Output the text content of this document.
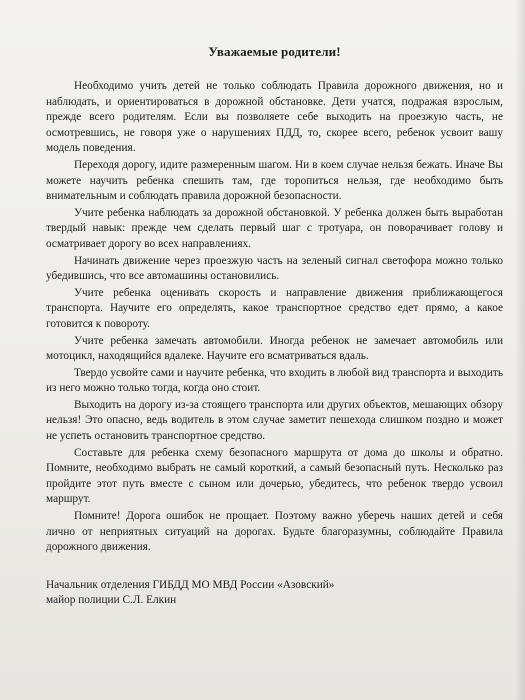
Уважаемые родители!

Необходимо учить детей не только соблюдать Правила дорожного движения, но и наблюдать, и ориентироваться в дорожной обстановке. Дети учатся, подражая взрослым, прежде всего родителям. Если вы позволяете себе выходить на проезжую часть, не осмотревшись, не говоря уже о нарушениях ПДД, то, скорее всего, ребенок усвоит вашу модель поведения.

Переходя дорогу, идите размеренным шагом. Ни в коем случае нельзя бежать. Иначе Вы можете научить ребенка спешить там, где торопиться нельзя, где необходимо быть внимательным и соблюдать правила дорожной безопасности.

Учите ребенка наблюдать за дорожной обстановкой. У ребенка должен быть выработан твердый навык: прежде чем сделать первый шаг с тротуара, он поворачивает голову и осматривает дорогу во всех направлениях.

Начинать движение через проезжую часть на зеленый сигнал светофора можно только убедившись, что все автомашины остановились.

Учите ребенка оценивать скорость и направление движения приближающегося транспорта. Научите его определять, какое транспортное средство едет прямо, а какое готовится к повороту.

Учите ребенка замечать автомобили. Иногда ребенок не замечает автомобиль или мотоцикл, находящийся вдалеке. Научите его всматриваться вдаль.

Твердо усвойте сами и научите ребенка, что входить в любой вид транспорта и выходить из него можно только тогда, когда оно стоит.

Выходить на дорогу из-за стоящего транспорта или других объектов, мешающих обзору нельзя! Это опасно, ведь водитель в этом случае заметит пешехода слишком поздно и может не успеть остановить транспортное средство.

Составьте для ребенка схему безопасного маршрута от дома до школы и обратно. Помните, необходимо выбрать не самый короткий, а самый безопасный путь. Несколько раз пройдите этот путь вместе с сыном или дочерью, убедитесь, что ребенок твердо усвоил маршрут.

Помните! Дорога ошибок не прощает. Поэтому важно уберечь наших детей и себя лично от неприятных ситуаций на дорогах. Будьте благоразумны, соблюдайте Правила дорожного движения.

Начальник отделения ГИБДД МО МВД России «Азовский»
майор полиции С.Л. Елкин
